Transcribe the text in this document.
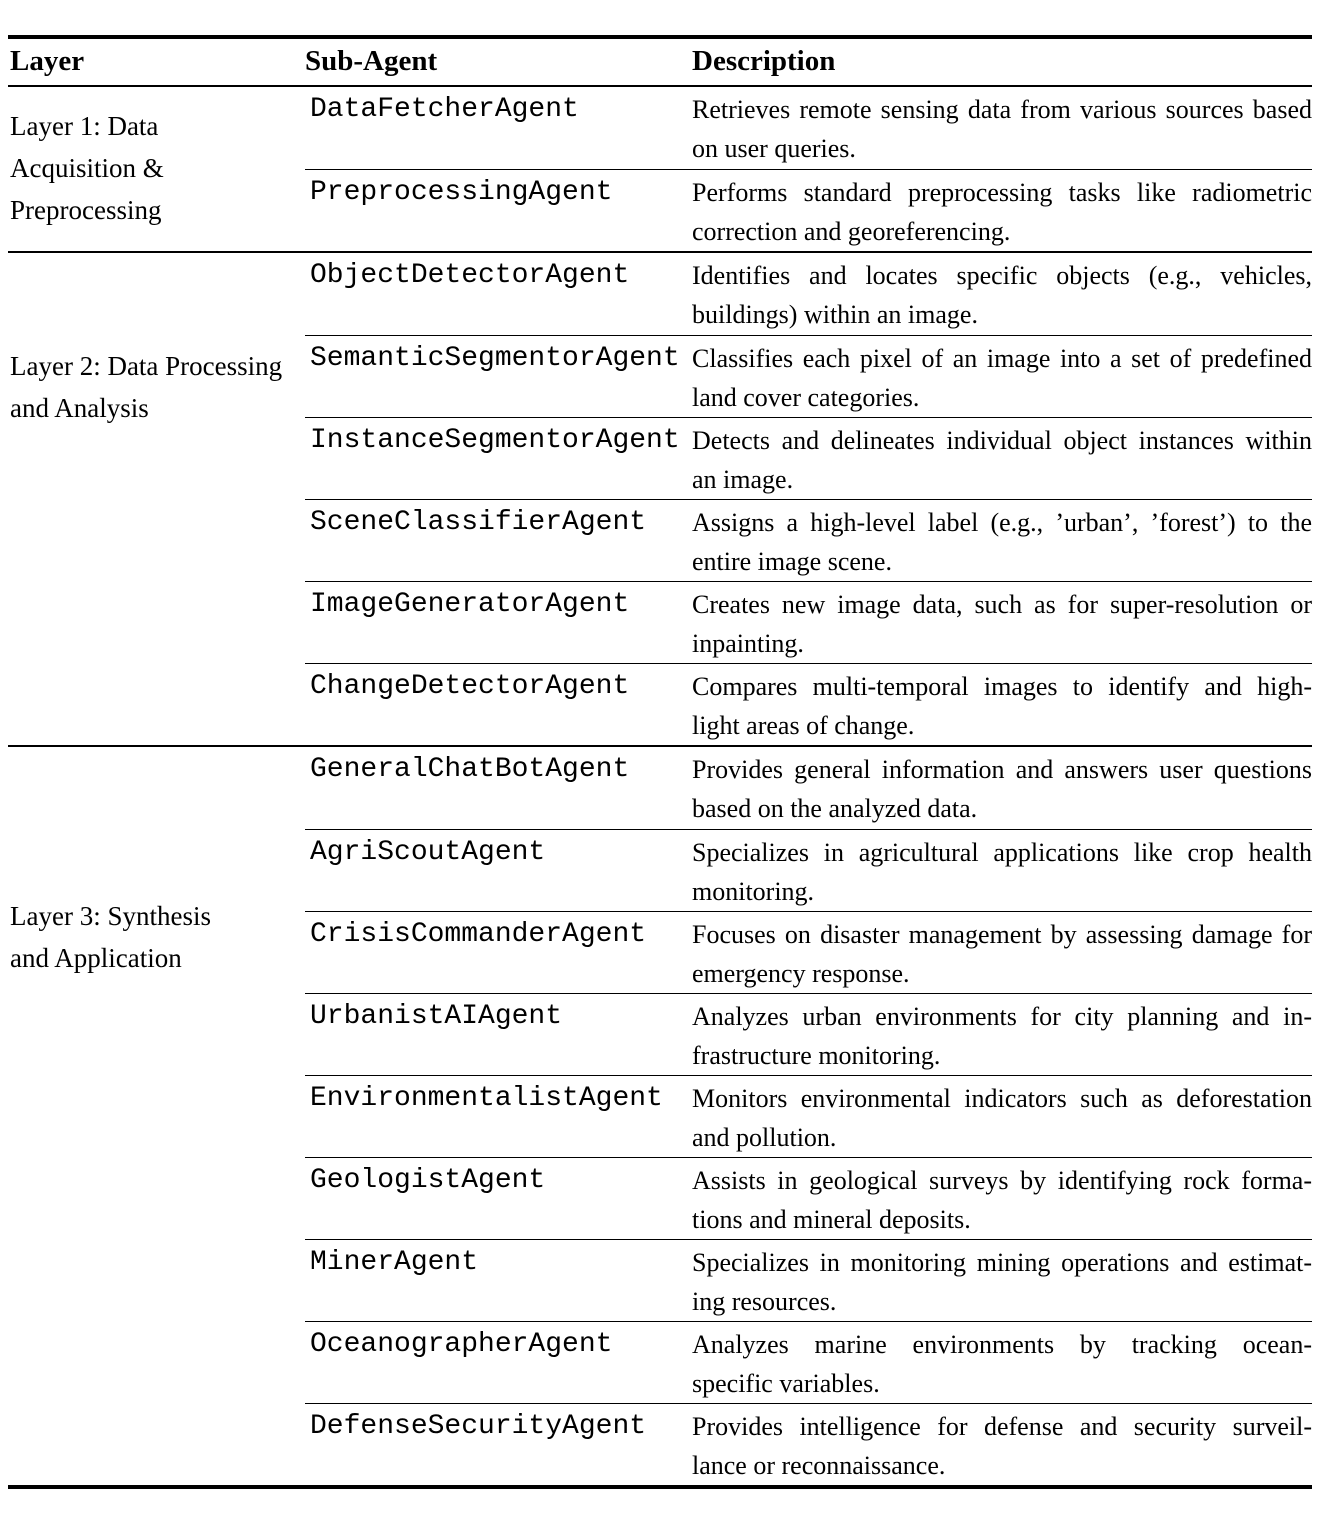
Layer	Sub-Agent	Description
Layer 1: Data
Acquisition &
Preprocessing
DataFetcherAgent	Retrieves remote sensing data from various sources based
on user queries.
PreprocessingAgent	Performs standard preprocessing tasks like radiometric
correction and georeferencing.
Layer 2: Data Processing
and Analysis
ObjectDetectorAgent	Identifies and locates specific objects (e.g., vehicles,
buildings) within an image.
SemanticSegmentorAgent Classifies each pixel of an image into a set of predefined
land cover categories.
InstanceSegmentorAgent Detects and delineates individual object instances within
an image.
SceneClassifierAgent	Assigns a high-level label (e.g., ’urban’, ’forest’) to the
entire image scene.
ImageGeneratorAgent	Creates new image data, such as for super-resolution or
inpainting.
ChangeDetectorAgent	Compares multi-temporal images to identify and high-
light areas of change.
Layer 3: Synthesis
and Application
GeneralChatBotAgent	Provides general information and answers user questions
based on the analyzed data.
AgriScoutAgent	Specializes in agricultural applications like crop health
monitoring.
CrisisCommanderAgent	Focuses on disaster management by assessing damage for
emergency response.
UrbanistAIAgent	Analyzes urban environments for city planning and in-
frastructure monitoring.
EnvironmentalistAgent	Monitors environmental indicators such as deforestation
and pollution.
GeologistAgent	Assists in geological surveys by identifying rock forma-
tions and mineral deposits.
MinerAgent	Specializes in monitoring mining operations and estimat-
ing resources.
OceanographerAgent	Analyzes marine environments by tracking ocean-
specific variables.
DefenseSecurityAgent	Provides intelligence for defense and security surveil-
lance or reconnaissance.
